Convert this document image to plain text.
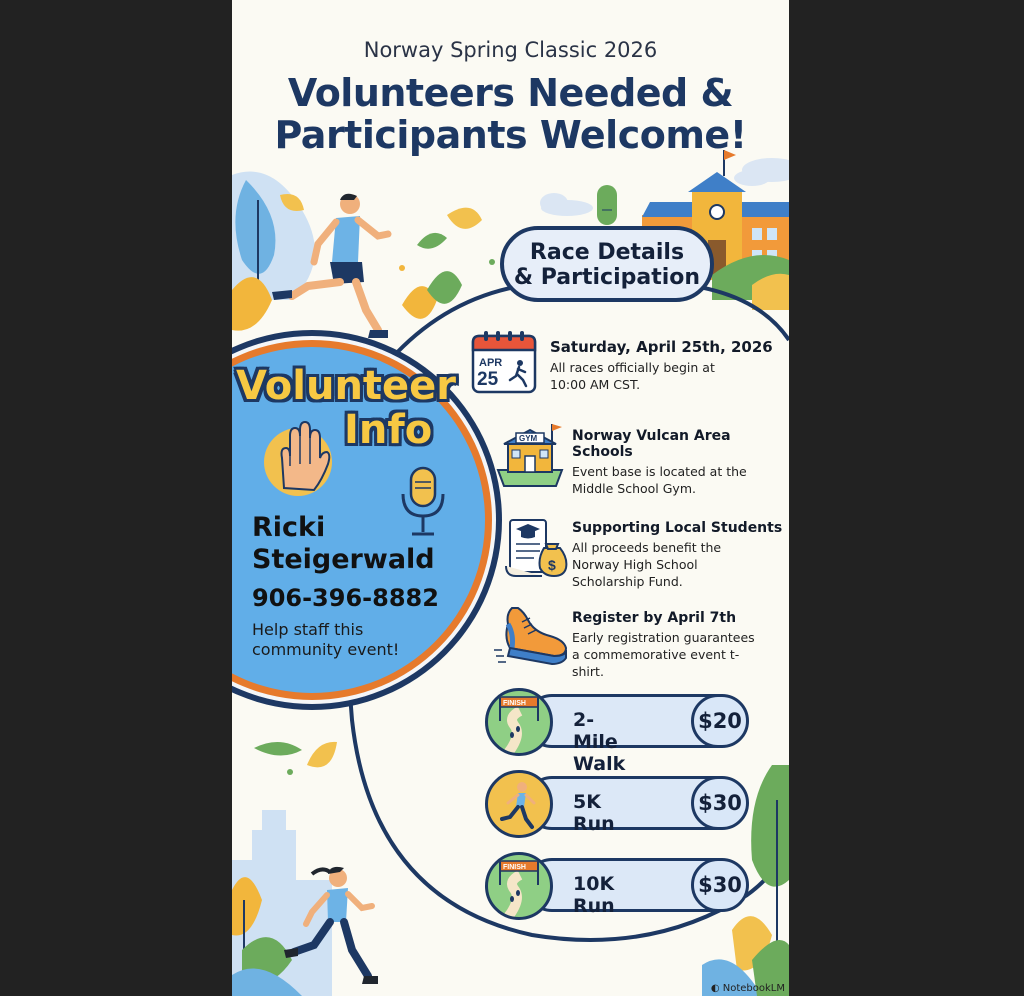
Norway Spring Classic 2026
Volunteers Needed &
Participants Welcome!
Race Details
& Participation
APR
25
Saturday, April 25th, 2026
All races officially begin at 10:00 AM CST.
GYM Norway Vulcan Area Schools
Event base is located at the Middle School Gym.
$
Supporting Local Students
All proceeds benefit the Norway High School Scholarship Fund.
Register by April 7th
Early registration guarantees a commemorative event t-shirt.
2-Mile Walk
$20
FINISH
5K Run
$30
10K Run
$30
FINISH
Volunteer
Info
Ricki
Steigerwald
906-396-8882
Help staff this
community event!
◐ NotebookLM
